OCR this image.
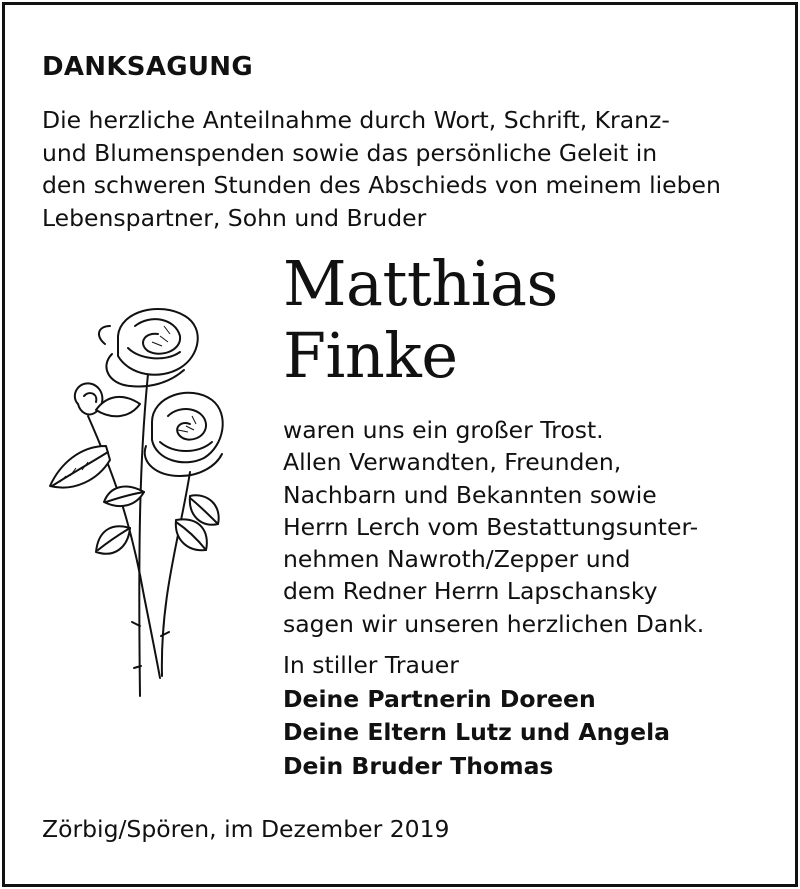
DANKSAGUNG
Die herzliche Anteilnahme durch Wort, Schrift, Kranz-
und Blumenspenden sowie das persönliche Geleit in
den schweren Stunden des Abschieds von meinem lieben
Lebenspartner, Sohn und Bruder
Matthias
Finke
waren uns ein großer Trost.
Allen Verwandten, Freunden,
Nachbarn und Bekannten sowie
Herrn Lerch vom Bestattungsunter-
nehmen Nawroth/Zepper und
dem Redner Herrn Lapschansky
sagen wir unseren herzlichen Dank.
In stiller Trauer
Deine Partnerin Doreen
Deine Eltern Lutz und Angela
Dein Bruder Thomas
Zörbig/Spören, im Dezember 2019
